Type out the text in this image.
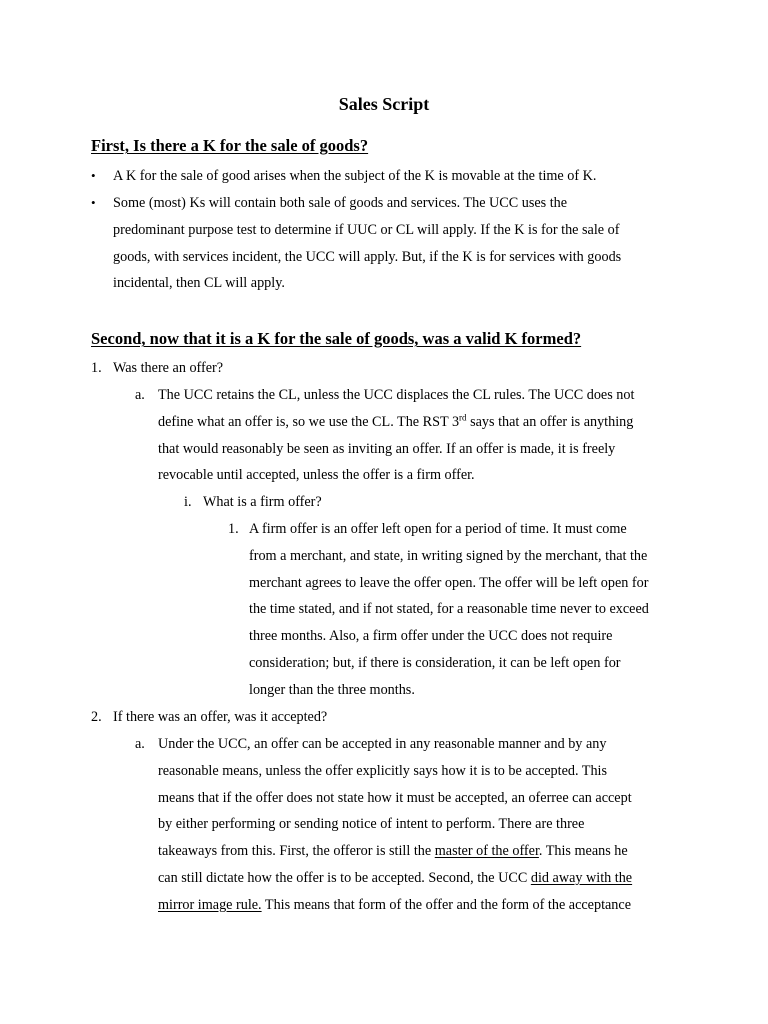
Sales Script
First, Is there a K for the sale of goods?
• A K for the sale of good arises when the subject of the K is movable at the time of K.
• Some (most) Ks will contain both sale of goods and services. The UCC uses the
predominant purpose test to determine if UUC or CL will apply. If the K is for the sale of
goods, with services incident, the UCC will apply. But, if the K is for services with goods
incidental, then CL will apply.
Second, now that it is a K for the sale of goods, was a valid K formed?
1. Was there an offer?
a. The UCC retains the CL, unless the UCC displaces the CL rules. The UCC does not
define what an offer is, so we use the CL. The RST 3rd says that an offer is anything
that would reasonably be seen as inviting an offer. If an offer is made, it is freely
revocable until accepted, unless the offer is a firm offer.
i. What is a firm offer?
1. A firm offer is an offer left open for a period of time. It must come
from a merchant, and state, in writing signed by the merchant, that the
merchant agrees to leave the offer open. The offer will be left open for
the time stated, and if not stated, for a reasonable time never to exceed
three months. Also, a firm offer under the UCC does not require
consideration; but, if there is consideration, it can be left open for
longer than the three months.
2. If there was an offer, was it accepted?
a. Under the UCC, an offer can be accepted in any reasonable manner and by any
reasonable means, unless the offer explicitly says how it is to be accepted. This
means that if the offer does not state how it must be accepted, an oferree can accept
by either performing or sending notice of intent to perform. There are three
takeaways from this. First, the offeror is still the master of the offer. This means he
can still dictate how the offer is to be accepted. Second, the UCC did away with the
mirror image rule. This means that form of the offer and the form of the acceptance
